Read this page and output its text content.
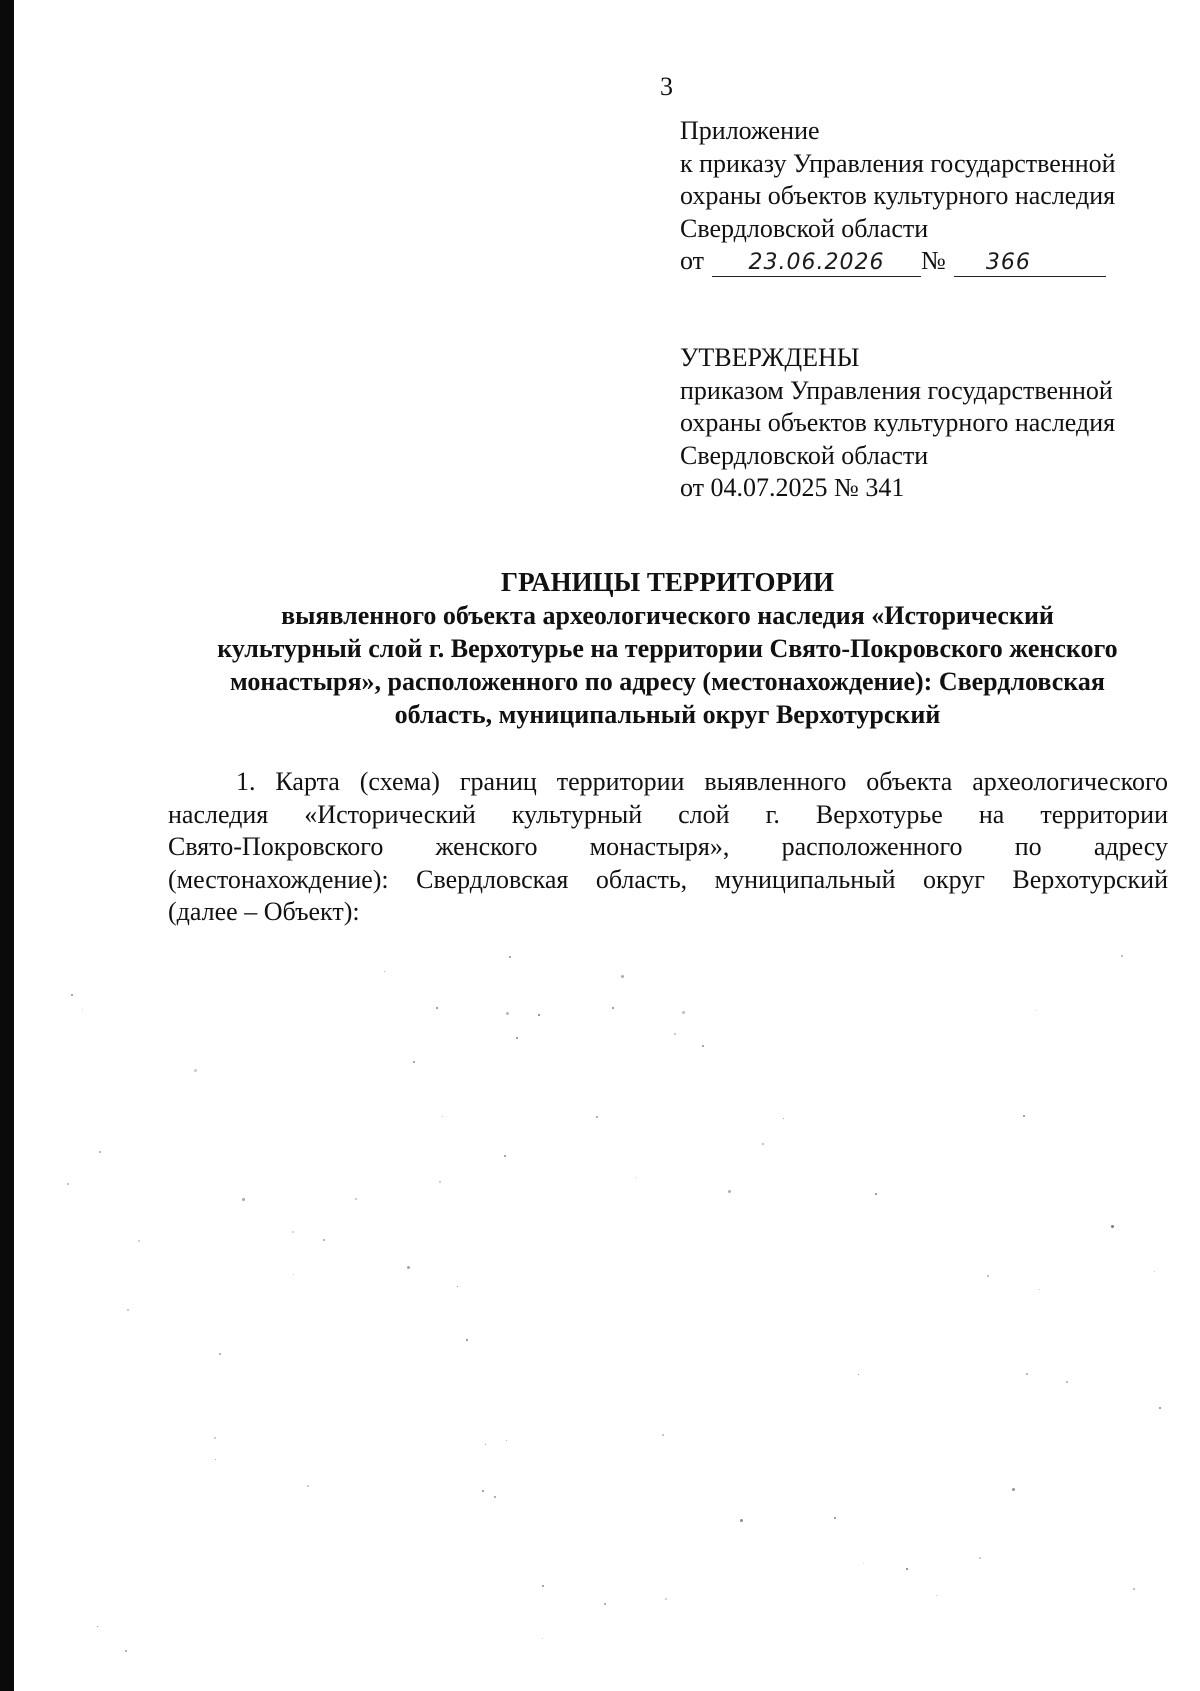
3
Приложение
к приказу Управления государственной
охраны объектов культурного наследия
Свердловской области
от	23.06.2026	№	366
УТВЕРЖДЕНЫ
приказом Управления государственной
охраны объектов культурного наследия
Свердловской области
от 04.07.2025 № 341
ГРАНИЦЫ ТЕРРИТОРИИ
выявленного объекта археологического наследия «Исторический
культурный слой г. Верхотурье на территории Свято-Покровского женского
монастыря», расположенного по адресу (местонахождение): Свердловская
область, муниципальный округ Верхотурский
1. Карта (схема) границ территории выявленного объекта археологического
наследия «Исторический культурный слой г. Верхотурье на территории
Свято-Покровского женского монастыря», расположенного по адресу
(местонахождение): Свердловская область, муниципальный округ Верхотурский
(далее – Объект):
